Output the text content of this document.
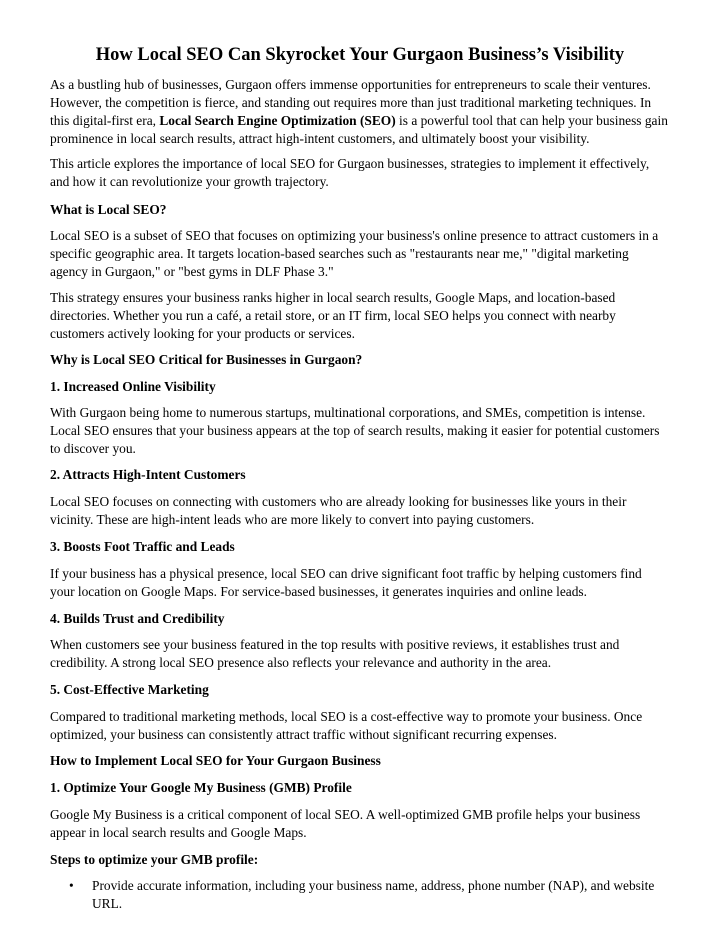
How Local SEO Can Skyrocket Your Gurgaon Business’s Visibility

As a bustling hub of businesses, Gurgaon offers immense opportunities for entrepreneurs to scale their ventures.
However, the competition is fierce, and standing out requires more than just traditional marketing techniques. In
this digital-first era, Local Search Engine Optimization (SEO) is a powerful tool that can help your business gain
prominence in local search results, attract high-intent customers, and ultimately boost your visibility.

This article explores the importance of local SEO for Gurgaon businesses, strategies to implement it effectively,
and how it can revolutionize your growth trajectory.

What is Local SEO?

Local SEO is a subset of SEO that focuses on optimizing your business's online presence to attract customers in a
specific geographic area. It targets location-based searches such as "restaurants near me," "digital marketing
agency in Gurgaon," or "best gyms in DLF Phase 3."

This strategy ensures your business ranks higher in local search results, Google Maps, and location-based
directories. Whether you run a café, a retail store, or an IT firm, local SEO helps you connect with nearby
customers actively looking for your products or services.

Why is Local SEO Critical for Businesses in Gurgaon?

1. Increased Online Visibility

With Gurgaon being home to numerous startups, multinational corporations, and SMEs, competition is intense.
Local SEO ensures that your business appears at the top of search results, making it easier for potential customers
to discover you.

2. Attracts High-Intent Customers

Local SEO focuses on connecting with customers who are already looking for businesses like yours in their
vicinity. These are high-intent leads who are more likely to convert into paying customers.

3. Boosts Foot Traffic and Leads

If your business has a physical presence, local SEO can drive significant foot traffic by helping customers find
your location on Google Maps. For service-based businesses, it generates inquiries and online leads.

4. Builds Trust and Credibility

When customers see your business featured in the top results with positive reviews, it establishes trust and
credibility. A strong local SEO presence also reflects your relevance and authority in the area.

5. Cost-Effective Marketing

Compared to traditional marketing methods, local SEO is a cost-effective way to promote your business. Once
optimized, your business can consistently attract traffic without significant recurring expenses.

How to Implement Local SEO for Your Gurgaon Business

1. Optimize Your Google My Business (GMB) Profile

Google My Business is a critical component of local SEO. A well-optimized GMB profile helps your business
appear in local search results and Google Maps.

Steps to optimize your GMB profile:

• Provide accurate information, including your business name, address, phone number (NAP), and website
URL.
